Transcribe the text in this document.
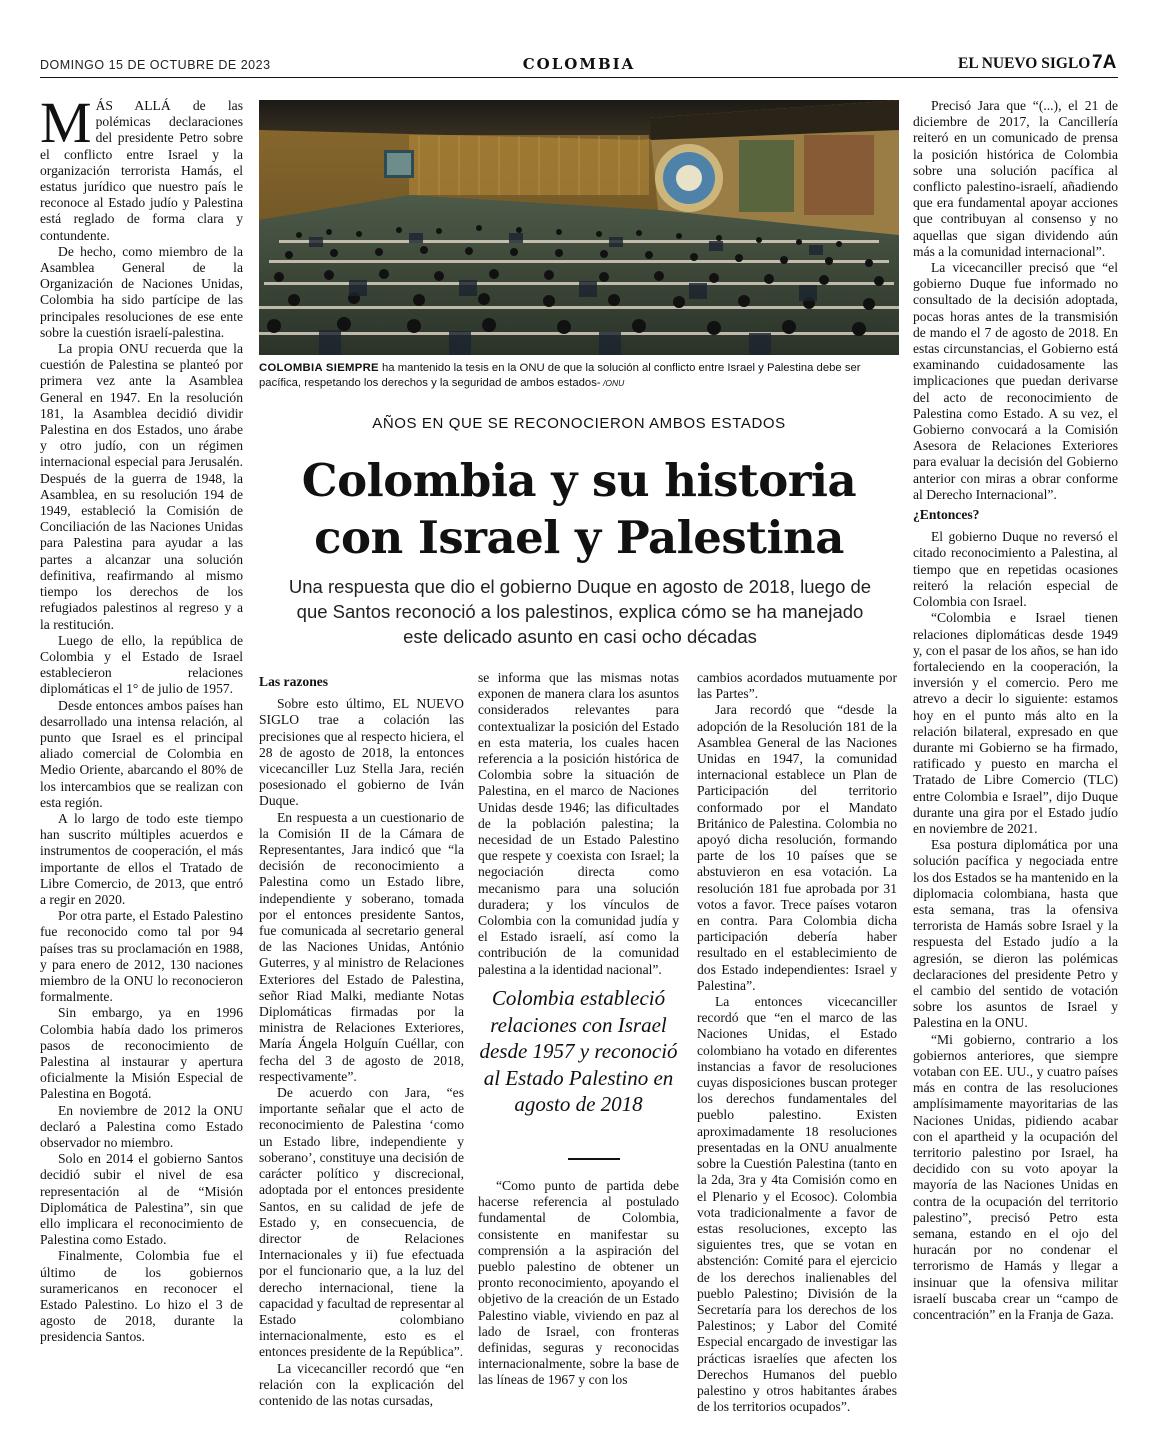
DOMINGO 15 DE OCTUBRE DE 2023	COLOMBIA	EL NUEVO SIGLO 7A
COLOMBIA SIEMPRE ha mantenido la tesis en la ONU de que la solución al conflicto entre Israel y Palestina debe ser pacífica, respetando los derechos y la seguridad de ambos estados- /ONU
AÑOS EN QUE SE RECONOCIERON AMBOS ESTADOS
Colombia y su historia
con Israel y Palestina
Una respuesta que dio el gobierno Duque en agosto de 2018, luego de que Santos reconoció a los palestinos, explica cómo se ha manejado este delicado asunto en casi ocho décadas

MÁS ALLÁ de las polémicas declaraciones del presidente Petro sobre el conflicto entre Israel y la organización terrorista Hamás, el estatus jurídico que nuestro país le reconoce al Estado judío y Palestina está reglado de forma clara y contundente.

De hecho, como miembro de la Asamblea General de la Organización de Naciones Unidas, Colombia ha sido partícipe de las principales resoluciones de ese ente sobre la cuestión israelí-palestina.

La propia ONU recuerda que la cuestión de Palestina se planteó por primera vez ante la Asamblea General en 1947. En la resolución 181, la Asamblea decidió dividir Palestina en dos Estados, uno árabe y otro judío, con un régimen internacional especial para Jerusalén. Después de la guerra de 1948, la Asamblea, en su resolución 194 de 1949, estableció la Comisión de Conciliación de las Naciones Unidas para Palestina para ayudar a las partes a alcanzar una solución definitiva, reafirmando al mismo tiempo los derechos de los refugiados palestinos al regreso y a la restitución.

Luego de ello, la república de Colombia y el Estado de Israel establecieron relaciones diplomáticas el 1° de julio de 1957.

Desde entonces ambos países han desarrollado una intensa relación, al punto que Israel es el principal aliado comercial de Colombia en Medio Oriente, abarcando el 80% de los intercambios que se realizan con esta región.

A lo largo de todo este tiempo han suscrito múltiples acuerdos e instrumentos de cooperación, el más importante de ellos el Tratado de Libre Comercio, de 2013, que entró a regir en 2020.

Por otra parte, el Estado Palestino fue reconocido como tal por 94 países tras su proclamación en 1988, y para enero de 2012, 130 naciones miembro de la ONU lo reconocieron formalmente.

Sin embargo, ya en 1996 Colombia había dado los primeros pasos de reconocimiento de Palestina al instaurar y apertura oficialmente la Misión Especial de Palestina en Bogotá.

En noviembre de 2012 la ONU declaró a Palestina como Estado observador no miembro.

Solo en 2014 el gobierno Santos decidió subir el nivel de esa representación al de “Misión Diplomática de Palestina”, sin que ello implicara el reconocimiento de Palestina como Estado.

Finalmente, Colombia fue el último de los gobiernos suramericanos en reconocer el Estado Palestino. Lo hizo el 3 de agosto de 2018, durante la presidencia Santos.

Las razones

Sobre esto último, EL NUEVO SIGLO trae a colación las precisiones que al respecto hiciera, el 28 de agosto de 2018, la entonces vicecanciller Luz Stella Jara, recién posesionado el gobierno de Iván Duque.

En respuesta a un cuestionario de la Comisión II de la Cámara de Representantes, Jara indicó que “la decisión de reconocimiento a Palestina como un Estado libre, independiente y soberano, tomada por el entonces presidente Santos, fue comunicada al secretario general de las Naciones Unidas, António Guterres, y al ministro de Relaciones Exteriores del Estado de Palestina, señor Riad Malki, mediante Notas Diplomáticas firmadas por la ministra de Relaciones Exteriores, María Ángela Holguín Cuéllar, con fecha del 3 de agosto de 2018, respectivamente”.

De acuerdo con Jara, “es importante señalar que el acto de reconocimiento de Palestina ‘como un Estado libre, independiente y soberano’, constituye una decisión de carácter político y discrecional, adoptada por el entonces presidente Santos, en su calidad de jefe de Estado y, en consecuencia, de director de Relaciones Internacionales y ii) fue efectuada por el funcionario que, a la luz del derecho internacional, tiene la capacidad y facultad de representar al Estado colombiano internacionalmente, esto es el entonces presidente de la República”.

La vicecanciller recordó que “en relación con la explicación del contenido de las notas cursadas,

se informa que las mismas notas exponen de manera clara los asuntos considerados relevantes para contextualizar la posición del Estado en esta materia, los cuales hacen referencia a la posición histórica de Colombia sobre la situación de Palestina, en el marco de Naciones Unidas desde 1946; las dificultades de la población palestina; la necesidad de un Estado Palestino que respete y coexista con Israel; la negociación directa como mecanismo para una solución duradera; y los vínculos de Colombia con la comunidad judía y el Estado israelí, así como la contribución de la comunidad palestina a la identidad nacional”.

Colombia estableció relaciones con Israel desde 1957 y reconoció al Estado Palestino en agosto de 2018

“Como punto de partida debe hacerse referencia al postulado fundamental de Colombia, consistente en manifestar su comprensión a la aspiración del pueblo palestino de obtener un pronto reconocimiento, apoyando el objetivo de la creación de un Estado Palestino viable, viviendo en paz al lado de Israel, con fronteras definidas, seguras y reconocidas internacionalmente, sobre la base de las líneas de 1967 y con los

cambios acordados mutuamente por las Partes”.

Jara recordó que “desde la adopción de la Resolución 181 de la Asamblea General de las Naciones Unidas en 1947, la comunidad internacional establece un Plan de Participación del territorio conformado por el Mandato Británico de Palestina. Colombia no apoyó dicha resolución, formando parte de los 10 países que se abstuvieron en esa votación. La resolución 181 fue aprobada por 31 votos a favor. Trece países votaron en contra. Para Colombia dicha participación debería haber resultado en el establecimiento de dos Estado independientes: Israel y Palestina”.

La entonces vicecanciller recordó que “en el marco de las Naciones Unidas, el Estado colombiano ha votado en diferentes instancias a favor de resoluciones cuyas disposiciones buscan proteger los derechos fundamentales del pueblo palestino. Existen aproximadamente 18 resoluciones presentadas en la ONU anualmente sobre la Cuestión Palestina (tanto en la 2da, 3ra y 4ta Comisión como en el Plenario y el Ecosoc). Colombia vota tradicionalmente a favor de estas resoluciones, excepto las siguientes tres, que se votan en abstención: Comité para el ejercicio de los derechos inalienables del pueblo Palestino; División de la Secretaría para los derechos de los Palestinos; y Labor del Comité Especial encargado de investigar las prácticas israelíes que afecten los Derechos Humanos del pueblo palestino y otros habitantes árabes de los territorios ocupados”.

Precisó Jara que “(...), el 21 de diciembre de 2017, la Cancillería reiteró en un comunicado de prensa la posición histórica de Colombia sobre una solución pacífica al conflicto palestino-israelí, añadiendo que era fundamental apoyar acciones que contribuyan al consenso y no aquellas que sigan dividendo aún más a la comunidad internacional”.

La vicecanciller precisó que “el gobierno Duque fue informado no consultado de la decisión adoptada, pocas horas antes de la transmisión de mando el 7 de agosto de 2018. En estas circunstancias, el Gobierno está examinando cuidadosamente las implicaciones que puedan derivarse del acto de reconocimiento de Palestina como Estado. A su vez, el Gobierno convocará a la Comisión Asesora de Relaciones Exteriores para evaluar la decisión del Gobierno anterior con miras a obrar conforme al Derecho Internacional”.

¿Entonces?

El gobierno Duque no reversó el citado reconocimiento a Palestina, al tiempo que en repetidas ocasiones reiteró la relación especial de Colombia con Israel.

“Colombia e Israel tienen relaciones diplomáticas desde 1949 y, con el pasar de los años, se han ido fortaleciendo en la cooperación, la inversión y el comercio. Pero me atrevo a decir lo siguiente: estamos hoy en el punto más alto en la relación bilateral, expresado en que durante mi Gobierno se ha firmado, ratificado y puesto en marcha el Tratado de Libre Comercio (TLC) entre Colombia e Israel”, dijo Duque durante una gira por el Estado judío en noviembre de 2021.

Esa postura diplomática por una solución pacífica y negociada entre los dos Estados se ha mantenido en la diplomacia colombiana, hasta que esta semana, tras la ofensiva terrorista de Hamás sobre Israel y la respuesta del Estado judío a la agresión, se dieron las polémicas declaraciones del presidente Petro y el cambio del sentido de votación sobre los asuntos de Israel y Palestina en la ONU.

“Mi gobierno, contrario a los gobiernos anteriores, que siempre votaban con EE. UU., y cuatro países más en contra de las resoluciones amplísimamente mayoritarias de las Naciones Unidas, pidiendo acabar con el apartheid y la ocupación del territorio palestino por Israel, ha decidido con su voto apoyar la mayoría de las Naciones Unidas en contra de la ocupación del territorio palestino”, precisó Petro esta semana, estando en el ojo del huracán por no condenar el terrorismo de Hamás y llegar a insinuar que la ofensiva militar israelí buscaba crear un “campo de concentración” en la Franja de Gaza.
